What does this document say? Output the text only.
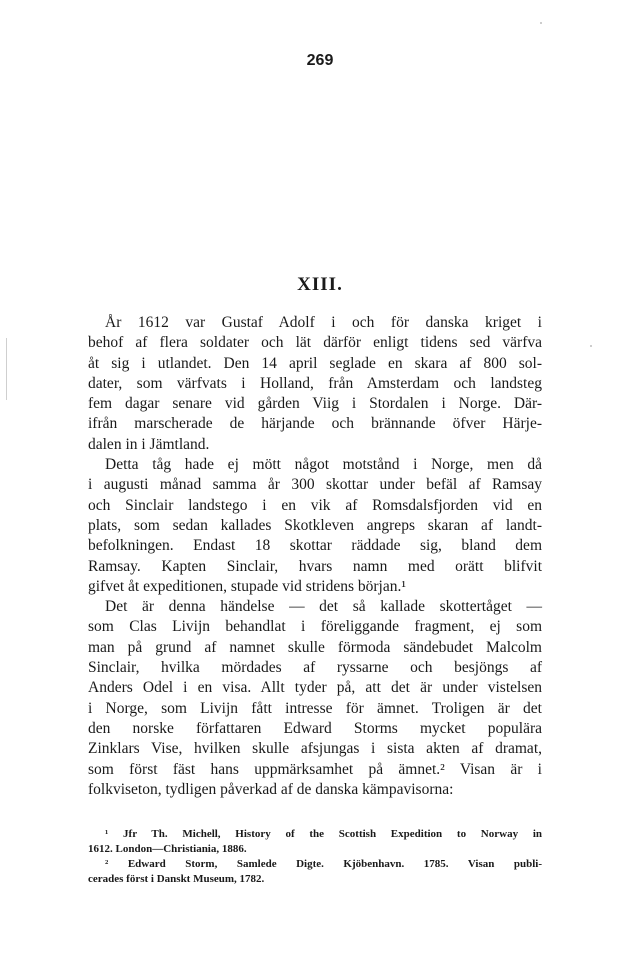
269
XIII.
År 1612 var Gustaf Adolf i och för danska kriget i
behof af flera soldater och lät därför enligt tidens sed värfva
åt sig i utlandet. Den 14 april seglade en skara af 800 sol-
dater, som värfvats i Holland, från Amsterdam och landsteg
fem dagar senare vid gården Viig i Stordalen i Norge. Där-
ifrån marscherade de härjande och brännande öfver Härje-
dalen in i Jämtland.
Detta tåg hade ej mött något motstånd i Norge, men då
i augusti månad samma år 300 skottar under befäl af Ramsay
och Sinclair landstego i en vik af Romsdalsfjorden vid en
plats, som sedan kallades Skotkleven angreps skaran af landt-
befolkningen. Endast 18 skottar räddade sig, bland dem
Ramsay. Kapten Sinclair, hvars namn med orätt blifvit
gifvet åt expeditionen, stupade vid stridens början.¹
Det är denna händelse — det så kallade skottertåget —
som Clas Livijn behandlat i föreliggande fragment, ej som
man på grund af namnet skulle förmoda sändebudet Malcolm
Sinclair, hvilka mördades af ryssarne och besjöngs af
Anders Odel i en visa. Allt tyder på, att det är under vistelsen
i Norge, som Livijn fått intresse för ämnet. Troligen är det
den norske författaren Edward Storms mycket populära
Zinklars Vise, hvilken skulle afsjungas i sista akten af dramat,
som först fäst hans uppmärksamhet på ämnet.² Visan är i
folkviseton, tydligen påverkad af de danska kämpavisorna:
¹ Jfr Th. Michell, History of the Scottish Expedition to Norway in
1612. London—Christiania, 1886.
² Edward Storm, Samlede Digte. Kjöbenhavn. 1785. Visan publi-
cerades först i Danskt Museum, 1782.
